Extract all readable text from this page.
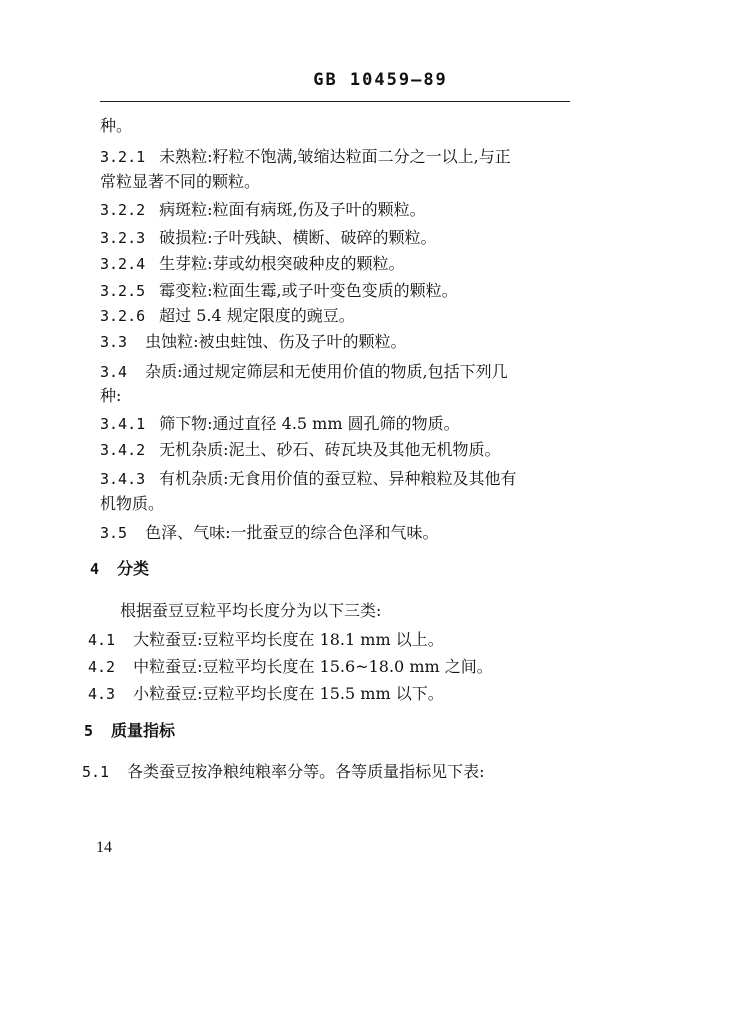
GB 10459—89
种。
3.2.1 未熟粒:籽粒不饱满,皱缩达粒面二分之一以上,与正
常粒显著不同的颗粒。
3.2.2 病斑粒:粒面有病斑,伤及子叶的颗粒。
3.2.3 破损粒:子叶残缺、横断、破碎的颗粒。
3.2.4 生芽粒:芽或幼根突破种皮的颗粒。
3.2.5 霉变粒:粒面生霉,或子叶变色变质的颗粒。
3.2.6 超过 5.4 规定限度的豌豆。
3.3 虫蚀粒:被虫蛀蚀、伤及子叶的颗粒。
3.4 杂质:通过规定筛层和无使用价值的物质,包括下列几
种:
3.4.1 筛下物:通过直径 4.5 mm 圆孔筛的物质。
3.4.2 无机杂质:泥土、砂石、砖瓦块及其他无机物质。
3.4.3 有机杂质:无食用价值的蚕豆粒、异种粮粒及其他有
机物质。
3.5 色泽、气味:一批蚕豆的综合色泽和气味。
4 分类
根据蚕豆豆粒平均长度分为以下三类:
4.1 大粒蚕豆:豆粒平均长度在 18.1 mm 以上。
4.2 中粒蚕豆:豆粒平均长度在 15.6~18.0 mm 之间。
4.3 小粒蚕豆:豆粒平均长度在 15.5 mm 以下。
5 质量指标
5.1 各类蚕豆按净粮纯粮率分等。各等质量指标见下表:
14
